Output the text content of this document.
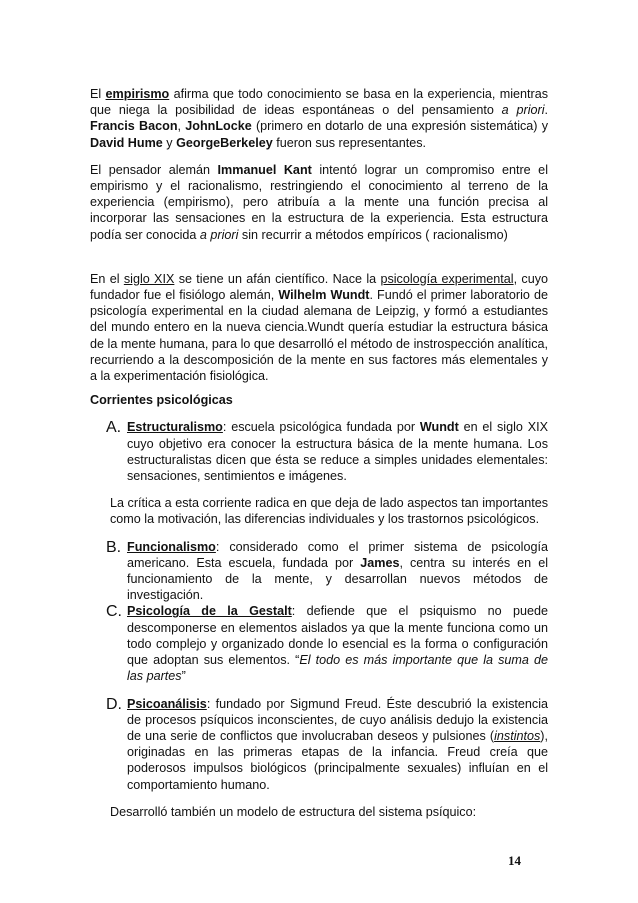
El empirismo afirma que todo conocimiento se basa en la experiencia, mientras que niega la posibilidad de ideas espontáneas o del pensamiento a priori. Francis Bacon, JohnLocke (primero en dotarlo de una expresión sistemática) y David Hume y GeorgeBerkeley fueron sus representantes.

El pensador alemán Immanuel Kant intentó lograr un compromiso entre el empirismo y el racionalismo, restringiendo el conocimiento al terreno de la experiencia (empirismo), pero atribuía a la mente una función precisa al incorporar las sensaciones en la estructura de la experiencia. Esta estructura podía ser conocida a priori sin recurrir a métodos empíricos ( racionalismo)

En el siglo XIX se tiene un afán científico. Nace la psicología experimental, cuyo fundador fue el fisiólogo alemán, Wilhelm Wundt. Fundó el primer laboratorio de psicología experimental en la ciudad alemana de Leipzig, y formó a estudiantes del mundo entero en la nueva ciencia.Wundt quería estudiar la estructura básica de la mente humana, para lo que desarrolló el método de instrospección analítica, recurriendo a la descomposición de la mente en sus factores más elementales y a la experimentación fisiológica.

Corrientes psicológicas
A. Estructuralismo: escuela psicológica fundada por Wundt en el siglo XIX cuyo objetivo era conocer la estructura básica de la mente humana. Los estructuralistas dicen que ésta se reduce a simples unidades elementales: sensaciones, sentimientos e imágenes.

La crítica a esta corriente radica en que deja de lado aspectos tan importantes como la motivación, las diferencias individuales y los trastornos psicológicos.

B. Funcionalismo: considerado como el primer sistema de psicología americano. Esta escuela, fundada por James, centra su interés en el funcionamiento de la mente, y desarrollan nuevos métodos de investigación.
C. Psicología de la Gestalt: defiende que el psiquismo no puede descomponerse en elementos aislados ya que la mente funciona como un todo complejo y organizado donde lo esencial es la forma o configuración que adoptan sus elementos. “El todo es más importante que la suma de las partes”
D. Psicoanálisis: fundado por Sigmund Freud. Éste descubrió la existencia de procesos psíquicos inconscientes, de cuyo análisis dedujo la existencia de una serie de conflictos que involucraban deseos y pulsiones (instintos), originadas en las primeras etapas de la infancia. Freud creía que poderosos impulsos biológicos (principalmente sexuales) influían en el comportamiento humano.

Desarrolló también un modelo de estructura del sistema psíquico:

14
